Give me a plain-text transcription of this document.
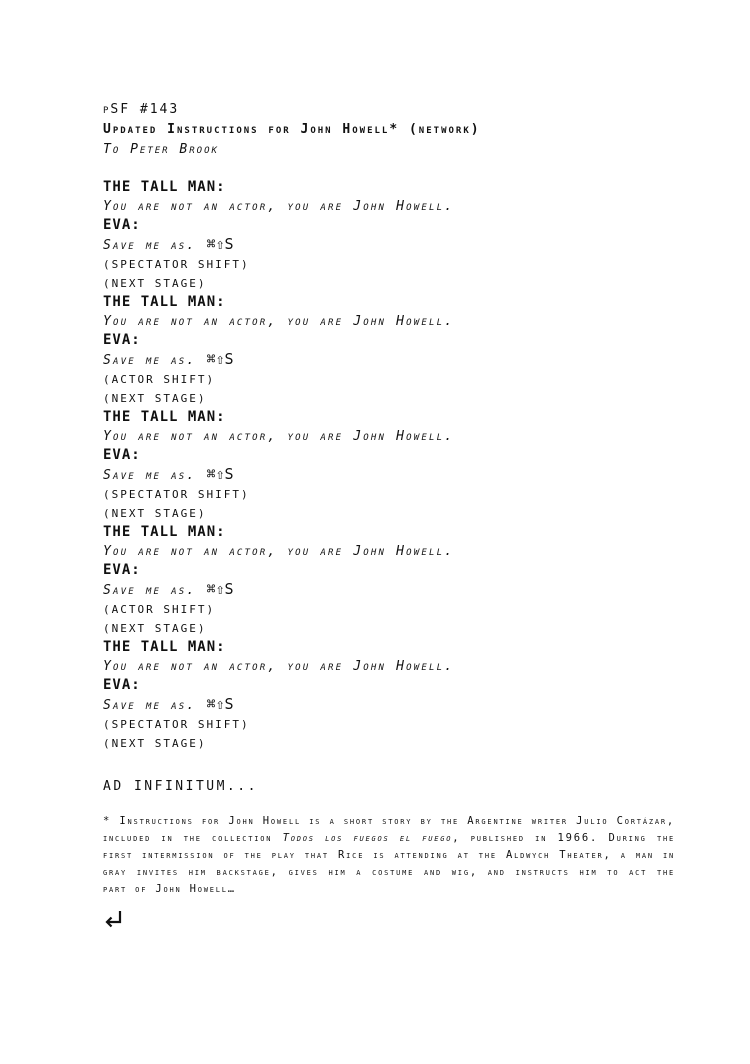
pSF #143
Updated Instructions for John Howell* (network)
To Peter Brook
THE TALL MAN:
You are not an actor, you are John Howell.
EVA:
Save me as. ⌘⇧S
(SPECTATOR SHIFT)
(NEXT STAGE)
THE TALL MAN:
You are not an actor, you are John Howell.
EVA:
Save me as. ⌘⇧S
(ACTOR SHIFT)
(NEXT STAGE)
THE TALL MAN:
You are not an actor, you are John Howell.
EVA:
Save me as. ⌘⇧S
(SPECTATOR SHIFT)
(NEXT STAGE)
THE TALL MAN:
You are not an actor, you are John Howell.
EVA:
Save me as. ⌘⇧S
(ACTOR SHIFT)
(NEXT STAGE)
THE TALL MAN:
You are not an actor, you are John Howell.
EVA:
Save me as. ⌘⇧S
(SPECTATOR SHIFT)
(NEXT STAGE)
AD INFINITUM...
* Instructions for John Howell is a short story by the Argentine writer Julio Cortázar, included in the collection Todos los fuegos el fuego, published in 1966. During the first intermission of the play that Rice is attending at the Aldwych Theater, a man in gray invites him backstage, gives him a costume and wig, and instructs him to act the part of John Howell…
